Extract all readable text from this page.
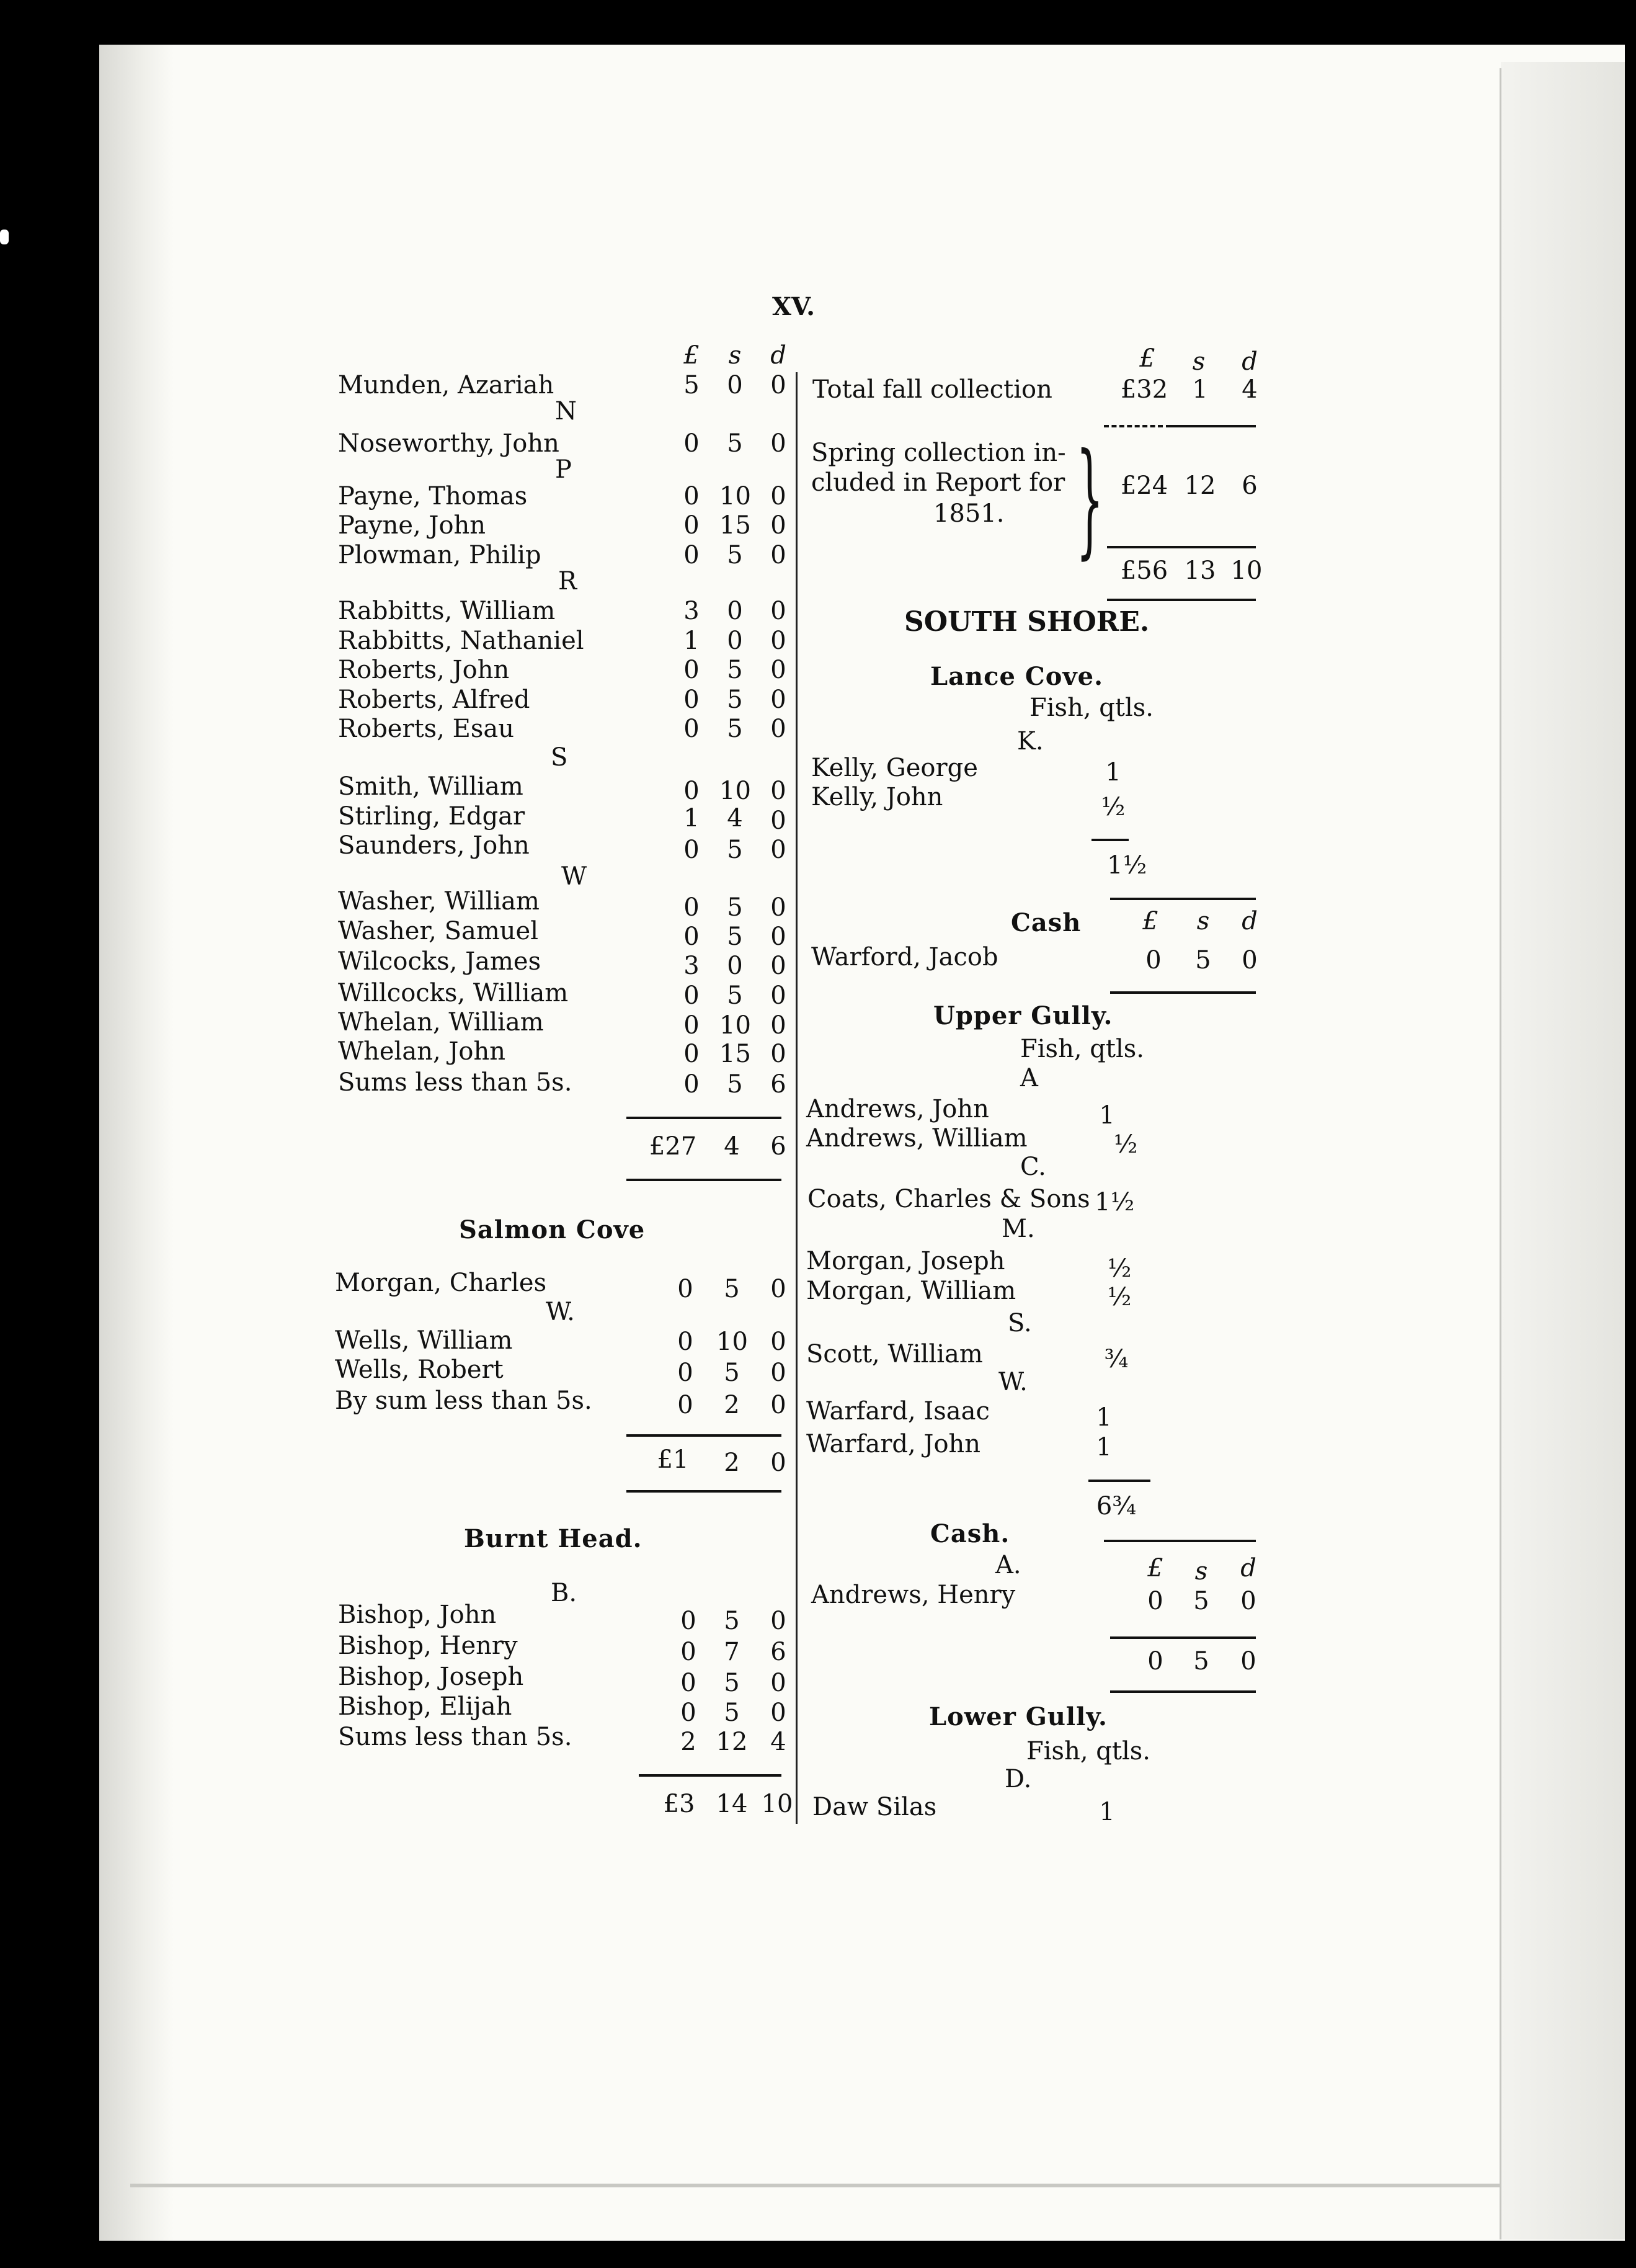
XV.
£	s	d
Munden, Azariah	5	0	0
N
Noseworthy, John	0	5	0
P
Payne, Thomas	0 10 0
Payne, John	0 15 0
Plowman, Philip	0	5	0
R
Rabbitts, William	3	0	0
Rabbitts, Nathaniel	1	0	0
Roberts, John	0	5	0
Roberts, Alfred	0	5	0
Roberts, Esau	0	5	0
S
Smith, William	0 10 0
Stirling, Edgar	1	4	0
Saunders, John	0	5	0
W
Washer, William	0	5	0
Washer, Samuel	0	5	0
Wilcocks, James	3	0	0
Willcocks, William	0	5	0
Whelan, William	0 10 0
Whelan, John	0 15 0
Sums less than 5s.	0	5	6
£27	4	6
Salmon Cove
Morgan, Charles	0	5	0
W.
Wells, William	0 10 0
Wells, Robert	0	5	0
By sum less than 5s.	0	2	0
£1	2	0
Burnt Head.
B.
Bishop, John	0	5	0
Bishop, Henry	0	7	6
Bishop, Joseph	0	5	0
Bishop, Elijah	0	5	0
Sums less than 5s.	2 12 4
£3 14 10
£	s	d
Total fall collection	£32 1	4
Spring collection in-
cluded in Report for
1851. } £24 12	6
£56 13 10
SOUTH SHORE.
Lance Cove.
Fish, qtls.
K.
Kelly, George	1
Kelly, John	½
1½
Cash	£	s	d
Warford, Jacob	0	5	0
Upper Gully.
Fish, qtls.
A
Andrews, John	1
Andrews, William	½
C.
Coats, Charles & Sons 1½
M.
Morgan, Joseph	½
Morgan, William	½
S.
Scott, William	¾
W.
Warfard, Isaac	1
Warfard, John	1
6¾
Cash.
A.	£	s	d
Andrews, Henry	0	5	0
0	5	0
Lower Gully.
Fish, qtls.
D.
Daw Silas	1
